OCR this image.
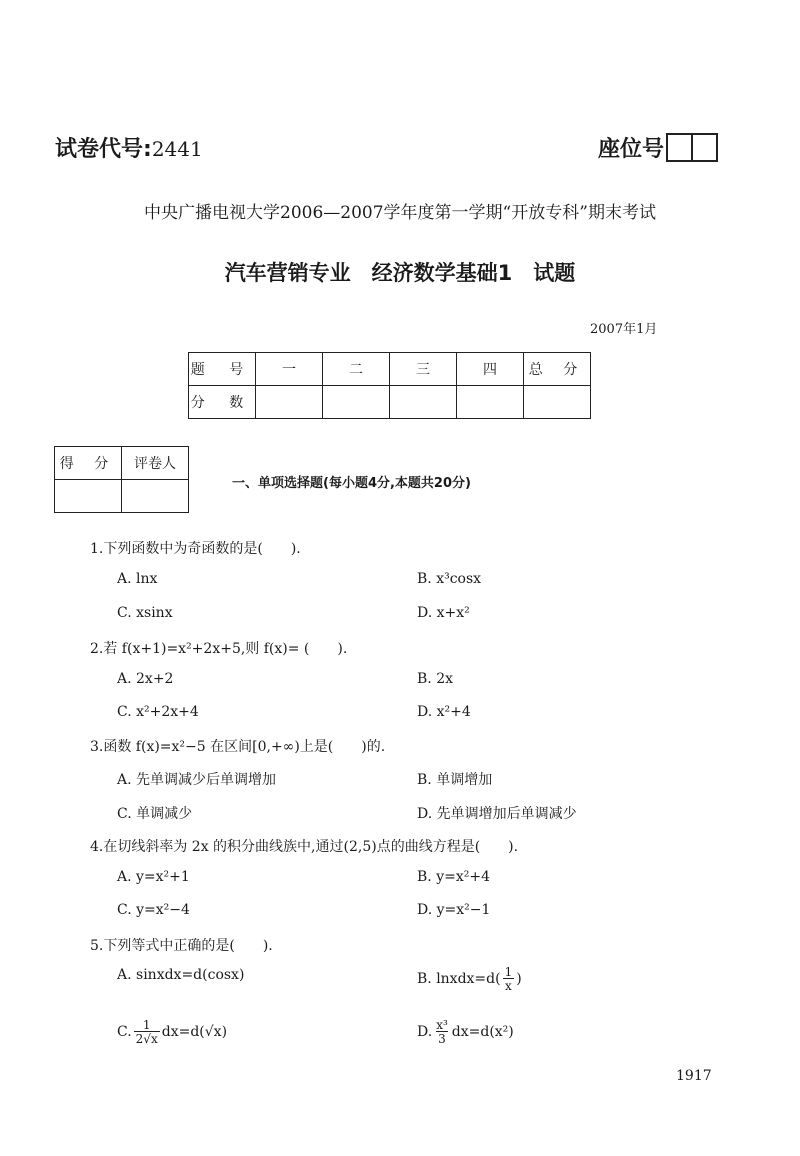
试卷代号:2441	座位号
中央广播电视大学2006—2007学年度第一学期“开放专科”期末考试
汽车营销专业　经济数学基础1　试题
2007年1月
题 号	一	二	三	四	总 分
分 数					
得 分	评卷人

一、单项选择题(每小题4分,本题共20分)
1.下列函数中为奇函数的是(　　).
A. lnx	B. x³cosx
C. xsinx	D. x+x²
2.若 f(x+1)=x²+2x+5,则 f(x)= (　　).
A. 2x+2	B. 2x
C. x²+2x+4	D. x²+4
3.函数 f(x)=x²−5 在区间[0,+∞)上是(　　)的.
A. 先单调减少后单调增加	B. 单调增加
C. 单调减少	D. 先单调增加后单调减少
4.在切线斜率为 2x 的积分曲线族中,通过(2,5)点的曲线方程是(　　).
A. y=x²+1	B. y=x²+4
C. y=x²−4	D. y=x²−1
5.下列等式中正确的是(　　).
A. sinxdx=d(cosx)	B. lnxdx=d( $\frac{1}{x}$ )
C. $\frac{1}{2√x} dx=d(√x)$	D. $\frac{\text{x³}}{3} dx=d(x^2)$
1917
